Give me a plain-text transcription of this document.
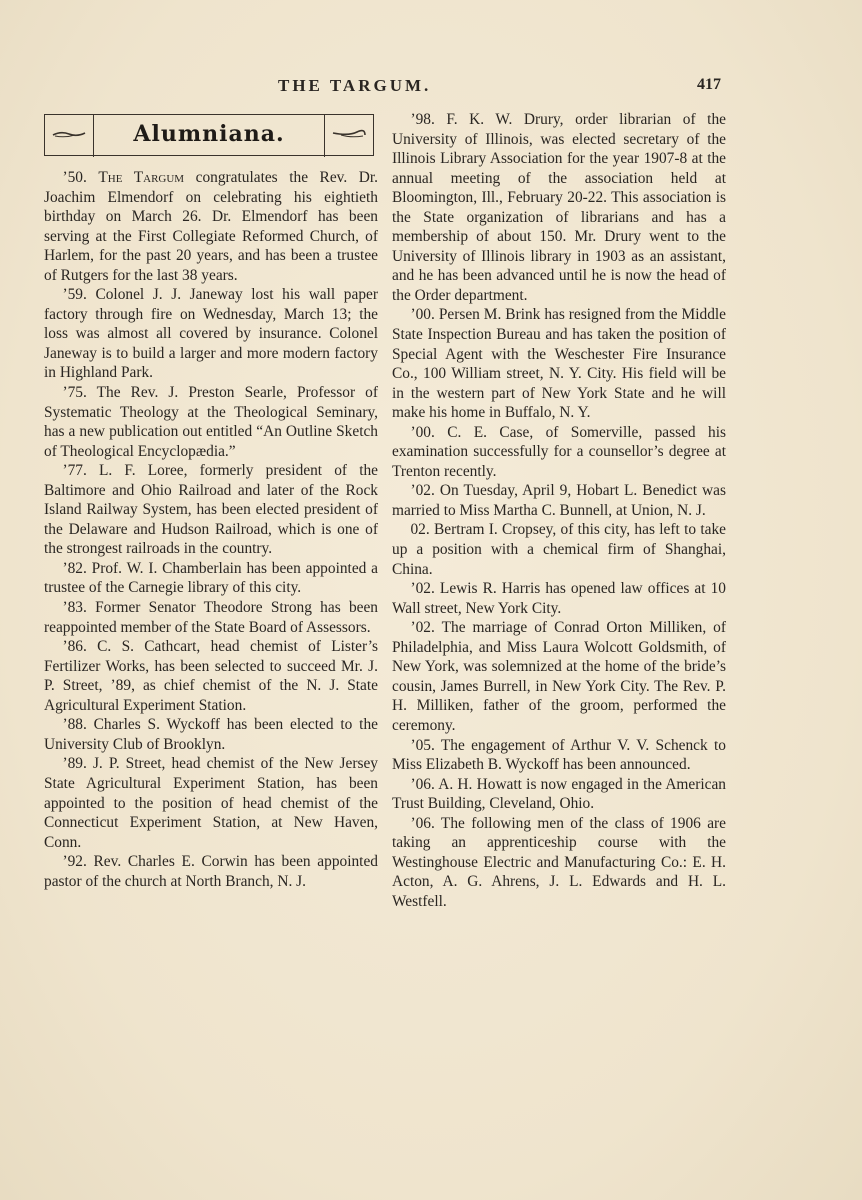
THE TARGUM.	417
Alumniana.

’50. The Targum congratulates the Rev. Dr. Joachim Elmendorf on celebrating his eightieth birthday on March 26. Dr. Elmendorf has been serving at the First Collegiate Reformed Church, of Harlem, for the past 20 years, and has been a trustee of Rutgers for the last 38 years.

’59. Colonel J. J. Janeway lost his wall paper factory through fire on Wednesday, March 13; the loss was almost all covered by insurance. Colonel Janeway is to build a larger and more modern factory in Highland Park.

’75. The Rev. J. Preston Searle, Professor of Systematic Theology at the Theological Seminary, has a new publication out entitled “An Outline Sketch of Theological Encyclopædia.”

’77. L. F. Loree, formerly president of the Baltimore and Ohio Railroad and later of the Rock Island Railway System, has been elected president of the Delaware and Hudson Railroad, which is one of the strongest railroads in the country.

’82. Prof. W. I. Chamberlain has been appointed a trustee of the Carnegie library of this city.

’83. Former Senator Theodore Strong has been reappointed member of the State Board of Assessors.

’86. C. S. Cathcart, head chemist of Lister’s Fertilizer Works, has been selected to succeed Mr. J. P. Street, ’89, as chief chemist of the N. J. State Agricultural Experiment Station.

’88. Charles S. Wyckoff has been elected to the University Club of Brooklyn.

’89. J. P. Street, head chemist of the New Jersey State Agricultural Experiment Station, has been appointed to the position of head chemist of the Connecticut Experiment Station, at New Haven, Conn.

’92. Rev. Charles E. Corwin has been appointed pastor of the church at North Branch, N. J.

’98. F. K. W. Drury, order librarian of the University of Illinois, was elected secretary of the Illinois Library Association for the year 1907-8 at the annual meeting of the association held at Bloomington, Ill., February 20-22. This association is the State organization of librarians and has a membership of about 150. Mr. Drury went to the University of Illinois library in 1903 as an assistant, and he has been advanced until he is now the head of the Order department.

’00. Persen M. Brink has resigned from the Middle State Inspection Bureau and has taken the position of Special Agent with the Weschester Fire Insurance Co., 100 William street, N. Y. City. His field will be in the western part of New York State and he will make his home in Buffalo, N. Y.

’00. C. E. Case, of Somerville, passed his examination successfully for a counsellor’s degree at Trenton recently.

’02. On Tuesday, April 9, Hobart L. Benedict was married to Miss Martha C. Bunnell, at Union, N. J.

02. Bertram I. Cropsey, of this city, has left to take up a position with a chemical firm of Shanghai, China.

’02. Lewis R. Harris has opened law offices at 10 Wall street, New York City.

’02. The marriage of Conrad Orton Milliken, of Philadelphia, and Miss Laura Wolcott Goldsmith, of New York, was solemnized at the home of the bride’s cousin, James Burrell, in New York City. The Rev. P. H. Milliken, father of the groom, performed the ceremony.

’05. The engagement of Arthur V. V. Schenck to Miss Elizabeth B. Wyckoff has been announced.

’06. A. H. Howatt is now engaged in the American Trust Building, Cleveland, Ohio.

’06. The following men of the class of 1906 are taking an apprenticeship course with the Westinghouse Electric and Manufacturing Co.: E. H. Acton, A. G. Ahrens, J. L. Edwards and H. L. Westfell.
